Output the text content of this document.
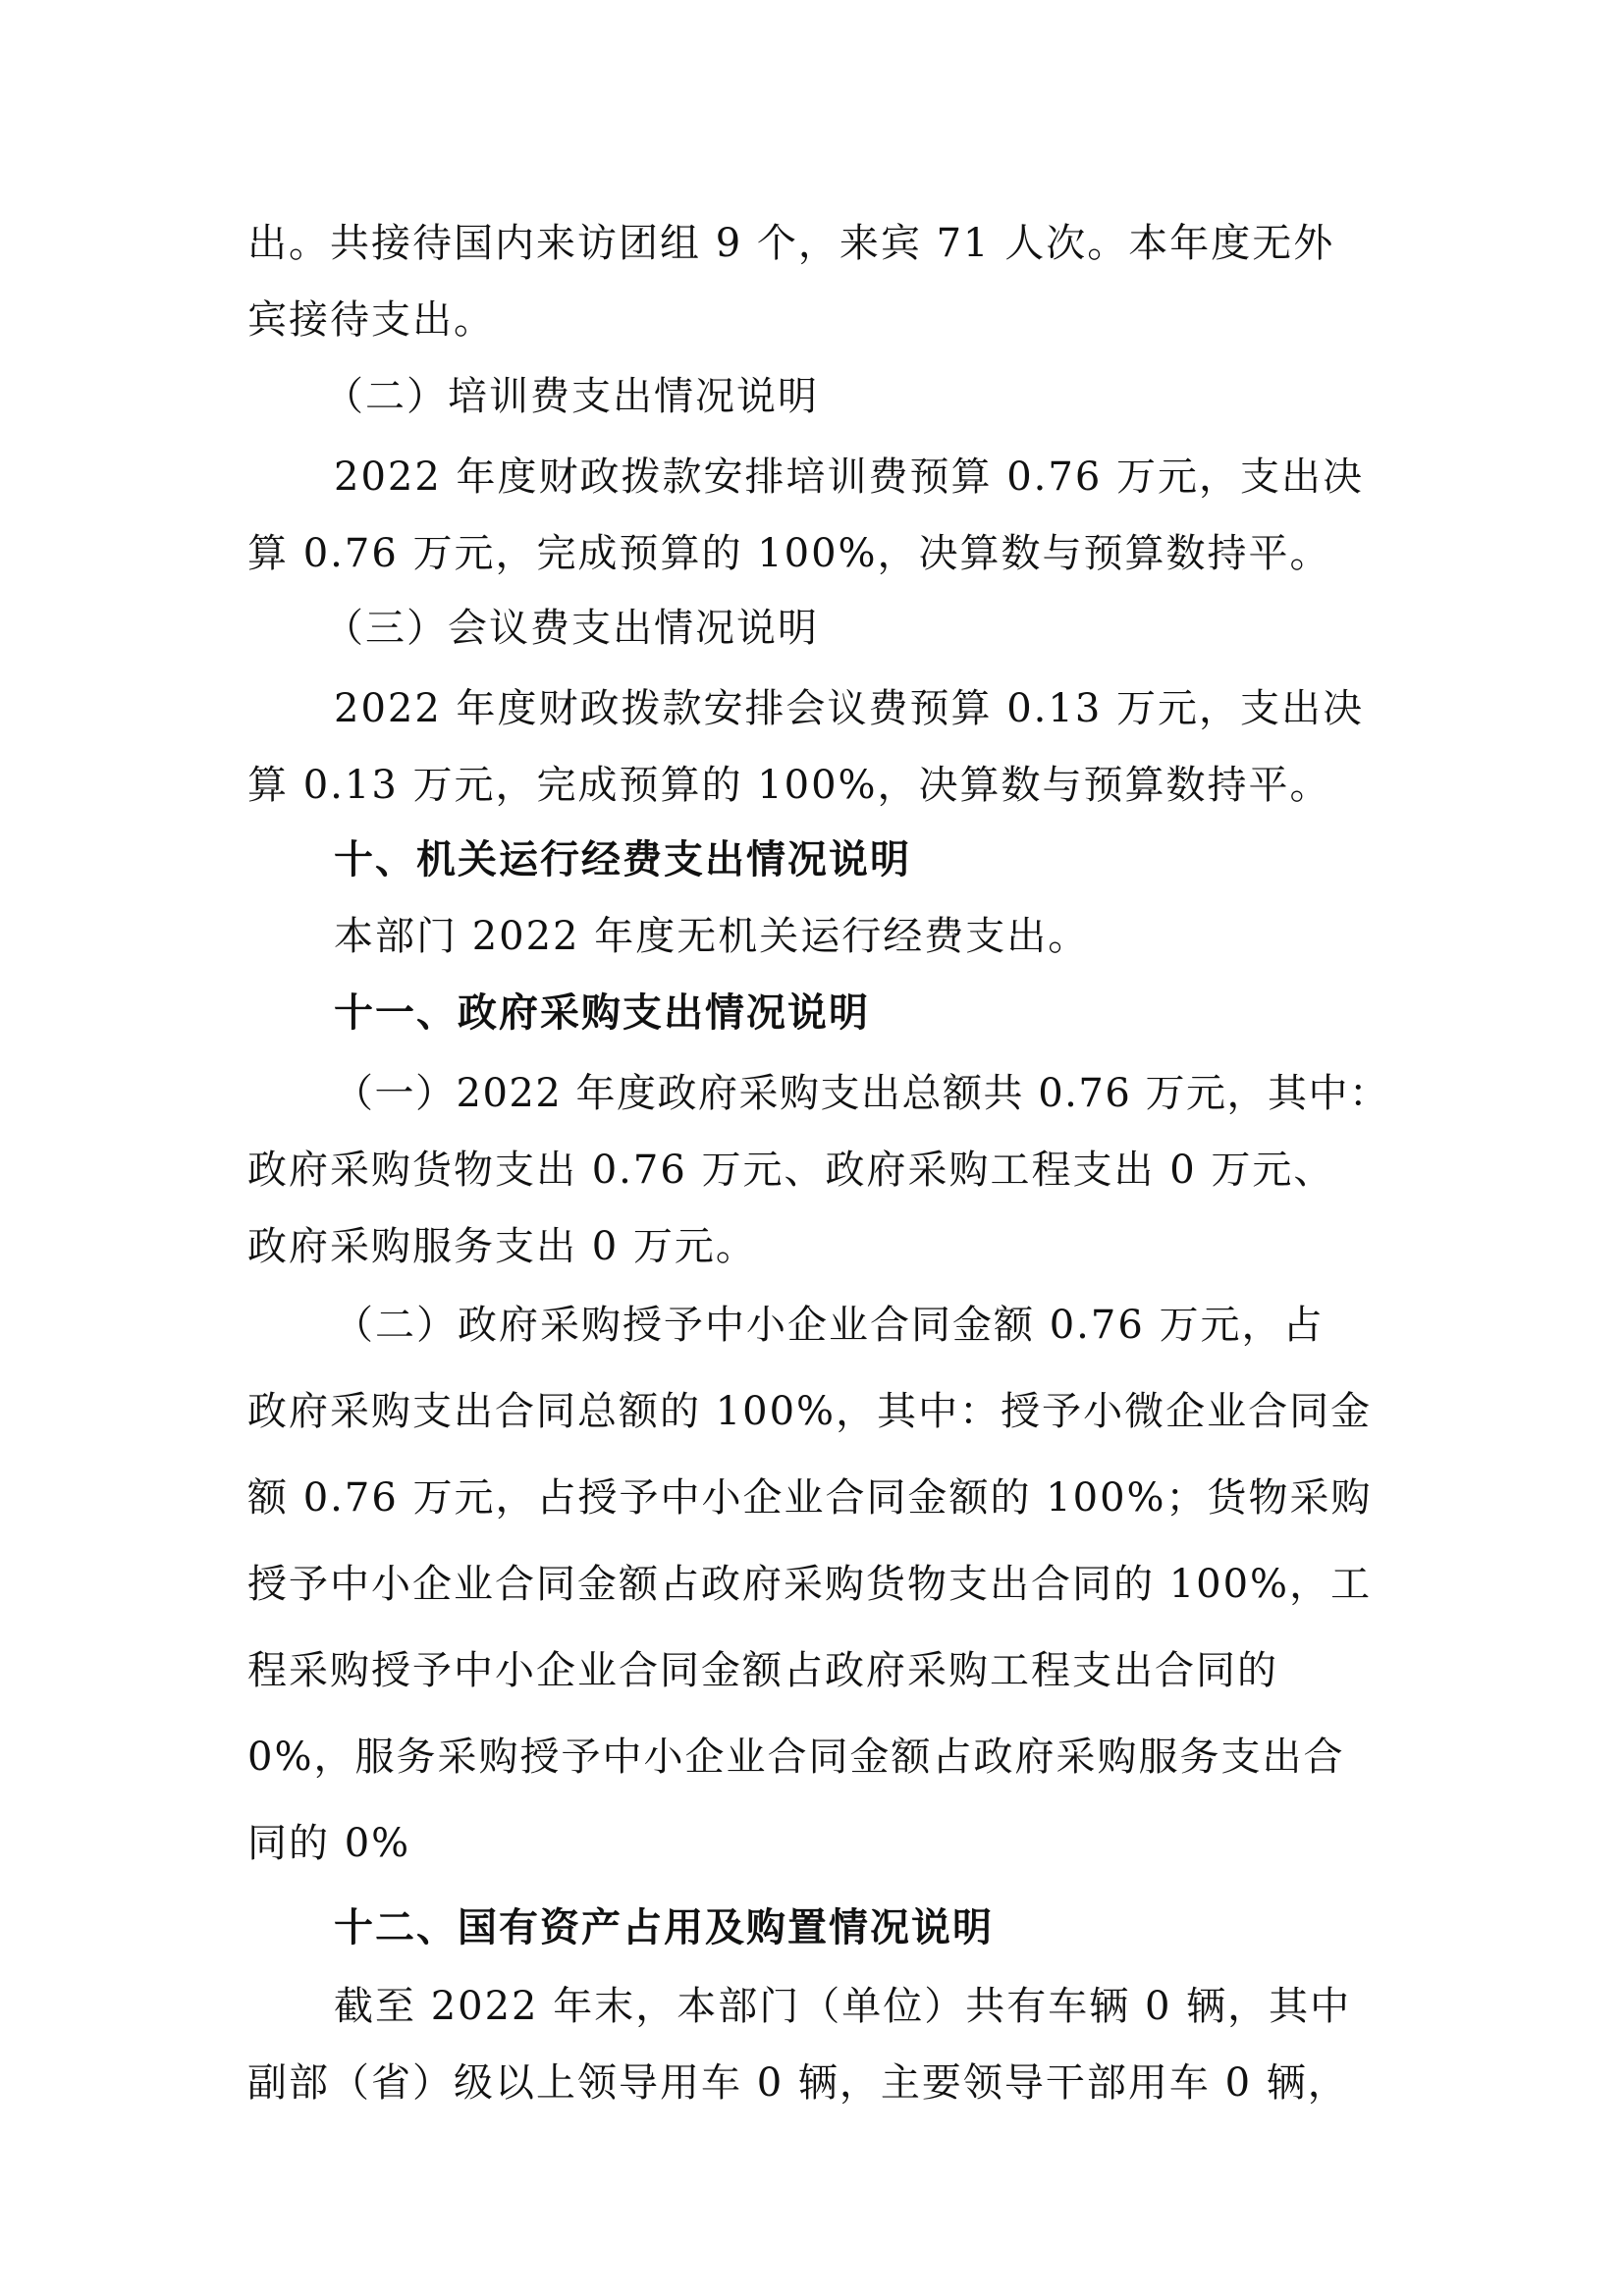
出。共接待国内来访团组 9 个，来宾 71 人次。本年度无外
宾接待支出。
（二）培训费支出情况说明
2022 年度财政拨款安排培训费预算 0.76 万元，支出决
算 0.76 万元，完成预算的 100%，决算数与预算数持平。
（三）会议费支出情况说明
2022 年度财政拨款安排会议费预算 0.13 万元，支出决
算 0.13 万元，完成预算的 100%，决算数与预算数持平。
十、机关运行经费支出情况说明
本部门 2022 年度无机关运行经费支出。
十一、政府采购支出情况说明
（一）2022 年度政府采购支出总额共 0.76 万元，其中：
政府采购货物支出 0.76 万元、政府采购工程支出 0 万元、
政府采购服务支出 0 万元。
（二）政府采购授予中小企业合同金额 0.76 万元，占
政府采购支出合同总额的 100%，其中：授予小微企业合同金
额 0.76 万元，占授予中小企业合同金额的 100%；货物采购
授予中小企业合同金额占政府采购货物支出合同的 100%，工
程采购授予中小企业合同金额占政府采购工程支出合同的
0%，服务采购授予中小企业合同金额占政府采购服务支出合
同的 0%
十二、国有资产占用及购置情况说明
截至 2022 年末，本部门（单位）共有车辆 0 辆，其中
副部（省）级以上领导用车 0 辆，主要领导干部用车 0 辆，
